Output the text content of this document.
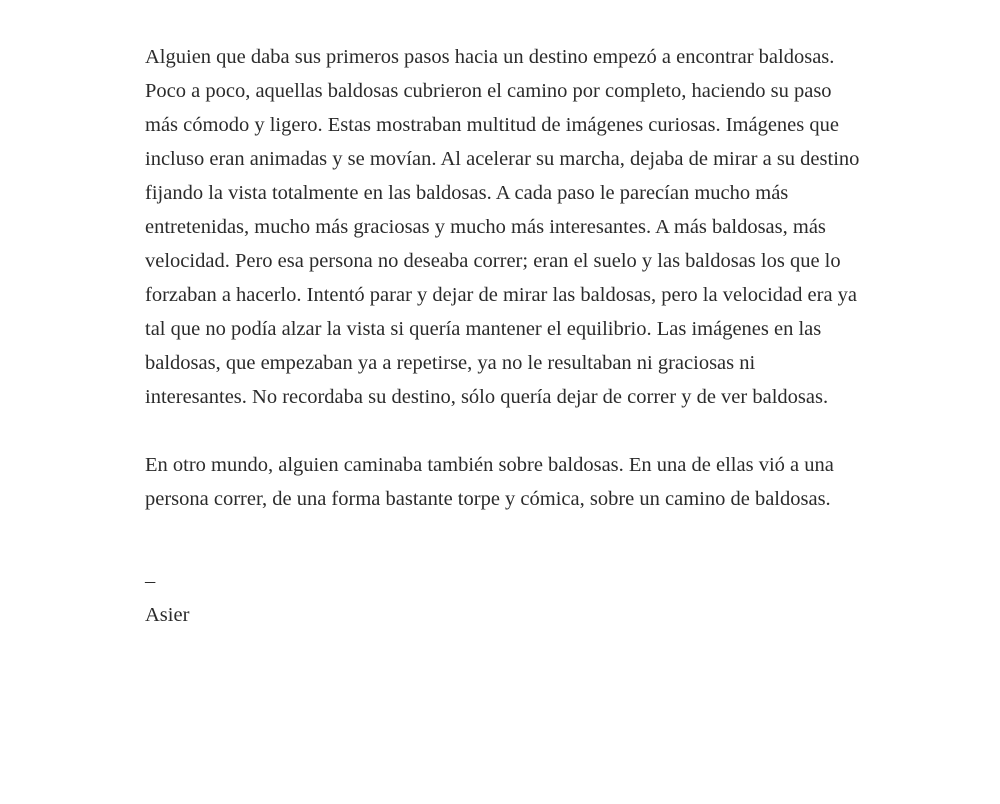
Alguien que daba sus primeros pasos hacia un destino empezó a encontrar baldosas. Poco a poco, aquellas baldosas cubrieron el camino por completo, haciendo su paso más cómodo y ligero. Estas mostraban multitud de imágenes curiosas. Imágenes que incluso eran animadas y se movían. Al acelerar su marcha, dejaba de mirar a su destino fijando la vista totalmente en las baldosas. A cada paso le parecían mucho más entretenidas, mucho más graciosas y mucho más interesantes. A más baldosas, más velocidad. Pero esa persona no deseaba correr; eran el suelo y las baldosas los que lo forzaban a hacerlo. Intentó parar y dejar de mirar las baldosas, pero la velocidad era ya tal que no podía alzar la vista si quería mantener el equilibrio. Las imágenes en las baldosas, que empezaban ya a repetirse, ya no le resultaban ni graciosas ni interesantes. No recordaba su destino, sólo quería dejar de correr y de ver baldosas.

En otro mundo, alguien caminaba también sobre baldosas. En una de ellas vió a una persona correr, de una forma bastante torpe y cómica, sobre un camino de baldosas.

–
Asier
